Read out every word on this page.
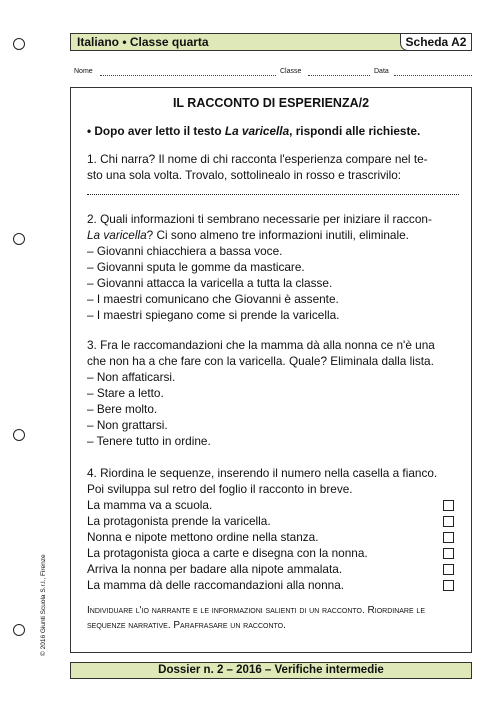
Italiano • Classe quarta	Scheda A2
Nome	Classe	Data
IL RACCONTO DI ESPERIENZA/2
• Dopo aver letto il testo La varicella, rispondi alle richieste.
1. Chi narra? Il nome di chi racconta l'esperienza compare nel te-
sto una sola volta. Trovalo, sottolinealo in rosso e trascrivilo:
2. Quali informazioni ti sembrano necessarie per iniziare il raccon-
La varicella? Ci sono almeno tre informazioni inutili, eliminale.
– Giovanni chiacchiera a bassa voce.
– Giovanni sputa le gomme da masticare.
– Giovanni attacca la varicella a tutta la classe.
– I maestri comunicano che Giovanni è assente.
– I maestri spiegano come si prende la varicella.
3. Fra le raccomandazioni che la mamma dà alla nonna ce n'è una
che non ha a che fare con la varicella. Quale? Eliminala dalla lista.
– Non affaticarsi.
– Stare a letto.
– Bere molto.
– Non grattarsi.
– Tenere tutto in ordine.
4. Riordina le sequenze, inserendo il numero nella casella a fianco.
Poi sviluppa sul retro del foglio il racconto in breve.
La mamma va a scuola.
La protagonista prende la varicella.
Nonna e nipote mettono ordine nella stanza.
La protagonista gioca a carte e disegna con la nonna.
Arriva la nonna per badare alla nipote ammalata.
La mamma dà delle raccomandazioni alla nonna.
Individuare l'io narrante e le informazioni salienti di un racconto. Riordinare le sequenze narrative. Parafrasare un racconto.
© 2016 Giunti Scuola S.r.l., Firenze
Dossier n. 2 – 2016 – Verifiche intermedie
